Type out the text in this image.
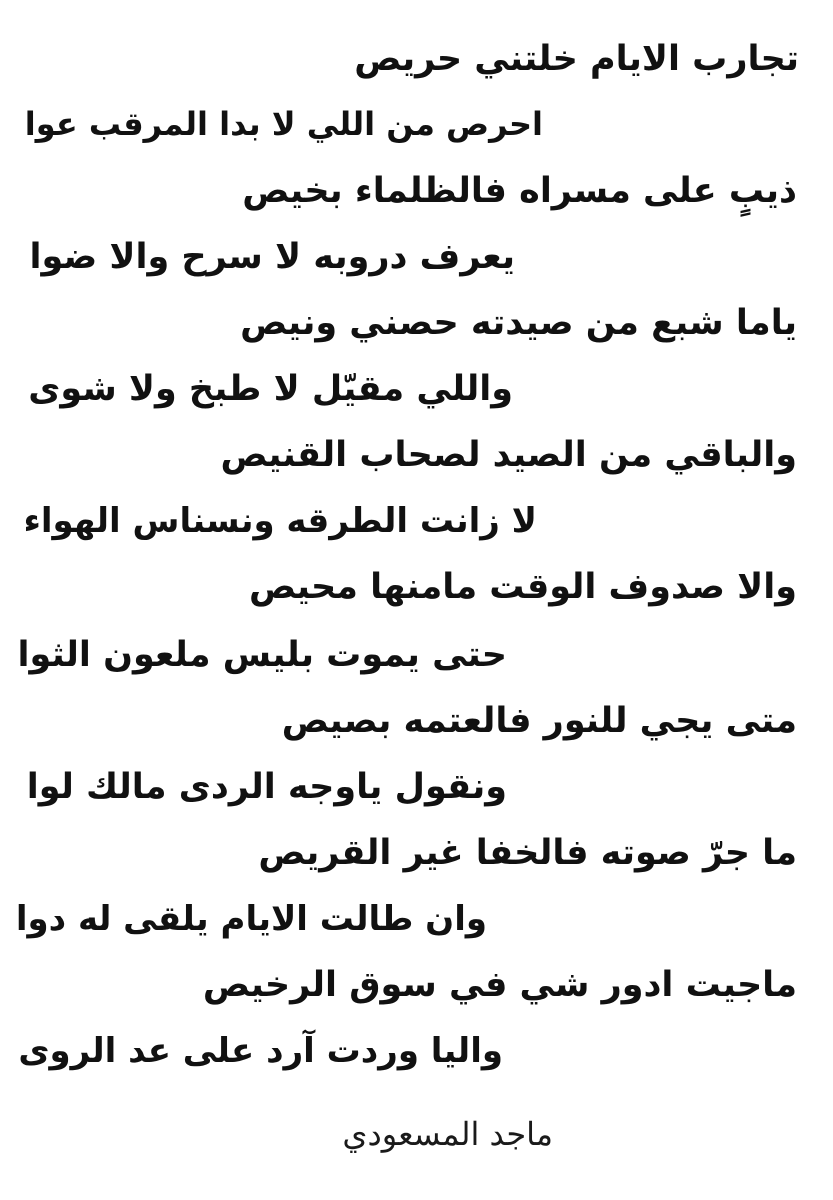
تجارب الايام خلتني حريص
احرص من اللي لا بدا المرقب عوا
ذيبٍ على مسراه فالظلماء بخيص
يعرف دروبه لا سرح والا ضوا
ياما شبع من صيدته حصني ونيص
واللي مقيّل لا طبخ ولا شوى
والباقي من الصيد لصحاب القنيص
لا زانت الطرقه ونسناس الهواء
والا صدوف الوقت مامنها محيص
حتى يموت بليس ملعون الثوا
متى يجي للنور فالعتمه بصيص
ونقول ياوجه الردى مالك لوا
ما جرّ صوته فالخفا غير القريص
وان طالت الايام يلقى له دوا
ماجيت ادور شي في سوق الرخيص
واليا وردت آرد على عد الروى
ماجد المسعودي
